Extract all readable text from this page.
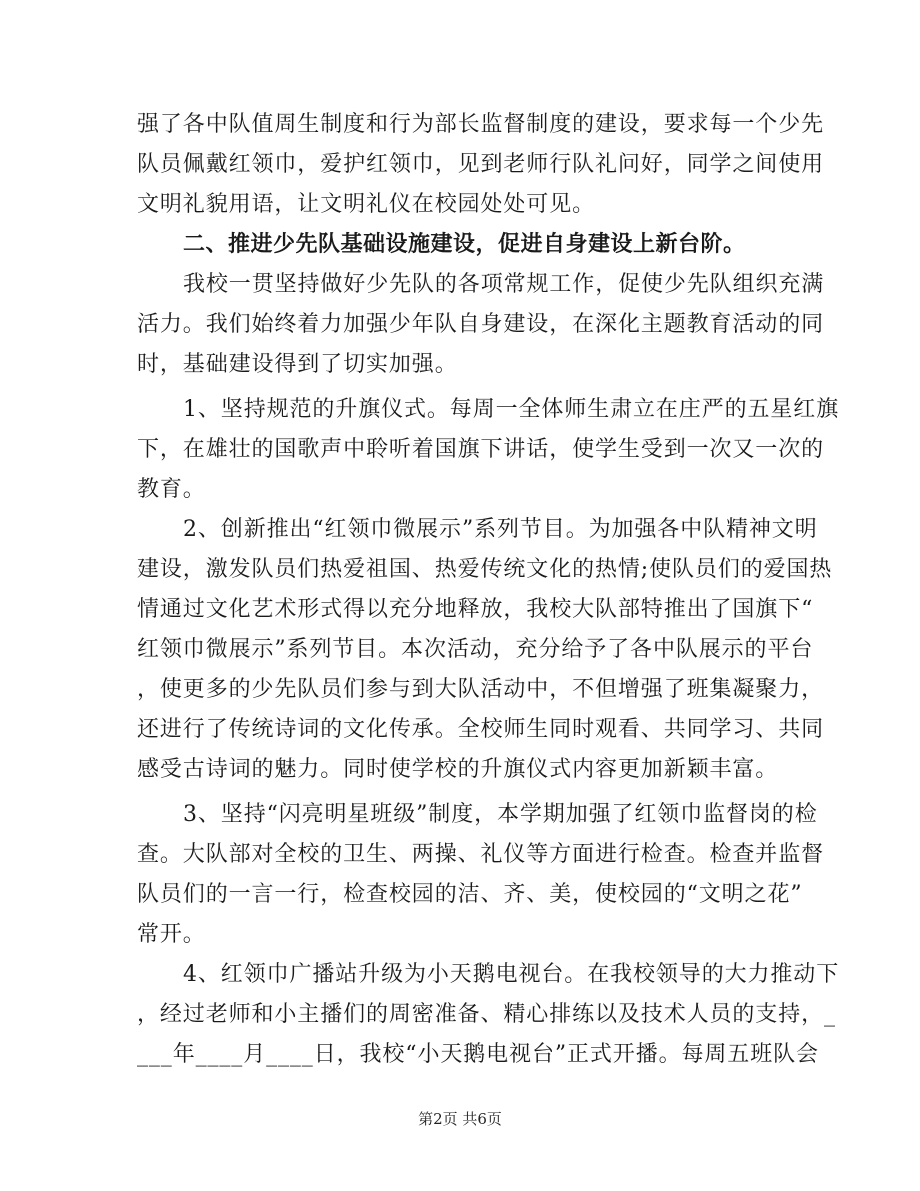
强了各中队值周生制度和行为部长监督制度的建设，要求每一个少先
队员佩戴红领巾，爱护红领巾，见到老师行队礼问好，同学之间使用
文明礼貌用语，让文明礼仪在校园处处可见。
二、推进少先队基础设施建设，促进自身建设上新台阶。
我校一贯坚持做好少先队的各项常规工作，促使少先队组织充满
活力。我们始终着力加强少年队自身建设，在深化主题教育活动的同
时，基础建设得到了切实加强。
1、坚持规范的升旗仪式。每周一全体师生肃立在庄严的五星红旗
下，在雄壮的国歌声中聆听着国旗下讲话，使学生受到一次又一次的
教育。
2、创新推出“红领巾微展示”系列节目。为加强各中队精神文明
建设，激发队员们热爱祖国、热爱传统文化的热情;使队员们的爱国热
情通过文化艺术形式得以充分地释放，我校大队部特推出了国旗下“
红领巾微展示”系列节目。本次活动，充分给予了各中队展示的平台
，使更多的少先队员们参与到大队活动中，不但增强了班集凝聚力，
还进行了传统诗词的文化传承。全校师生同时观看、共同学习、共同
感受古诗词的魅力。同时使学校的升旗仪式内容更加新颖丰富。
3、坚持“闪亮明星班级”制度，本学期加强了红领巾监督岗的检
查。大队部对全校的卫生、两操、礼仪等方面进行检查。检查并监督
队员们的一言一行，检查校园的洁、齐、美，使校园的“文明之花”
常开。
4、红领巾广播站升级为小天鹅电视台。在我校领导的大力推动下
，经过老师和小主播们的周密准备、精心排练以及技术人员的支持，_
___年____月____日，我校“小天鹅电视台”正式开播。每周五班队会
第2页 共6页
